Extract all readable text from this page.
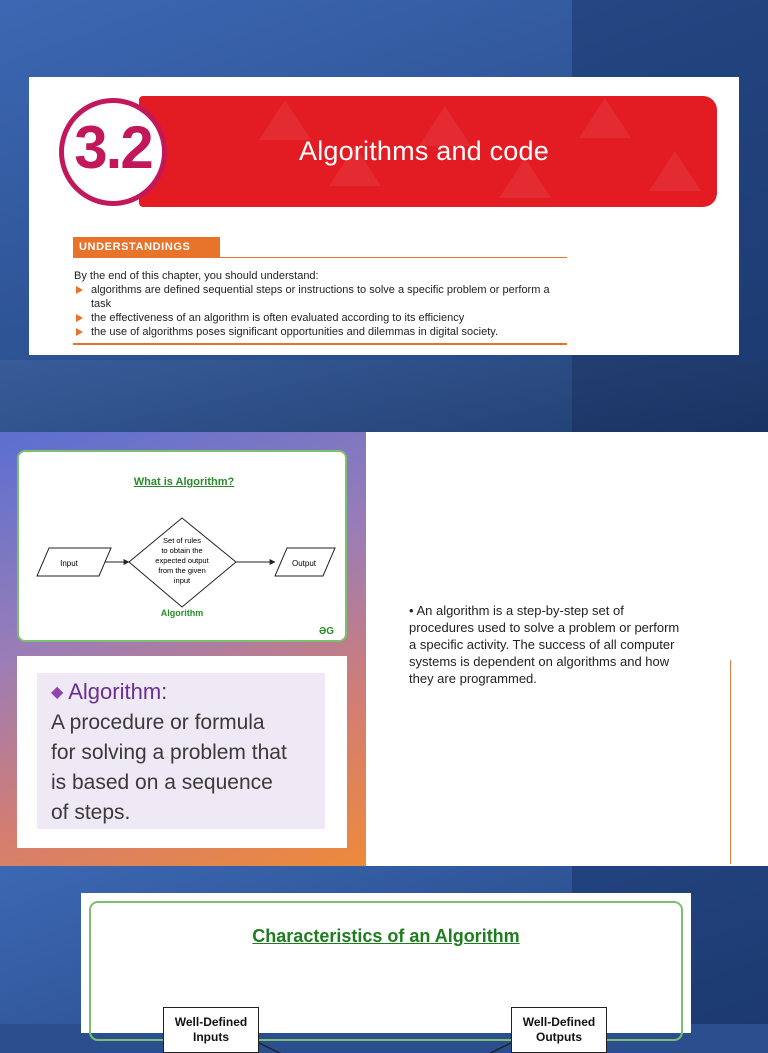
Algorithms and code
3.2
UNDERSTANDINGS
By the end of this chapter, you should understand:
algorithms are defined sequential steps or instructions to solve a specific problem or perform a task
the effectiveness of an algorithm is often evaluated according to its efficiency
the use of algorithms poses significant opportunities and dilemmas in digital society.
What is Algorithm?
Input
Set of rules
to obtain the
expected output
from the given
input
Output
Algorithm
ƏG
◆ Algorithm:
A procedure or formula
for solving a problem that
is based on a sequence
of steps.
• An algorithm is a step-by-step set of procedures used to solve a problem or perform a specific activity. The success of all computer systems is dependent on algorithms and how they are programmed.
Characteristics of an Algorithm
Well-Defined
Inputs
Well-Defined
Outputs
